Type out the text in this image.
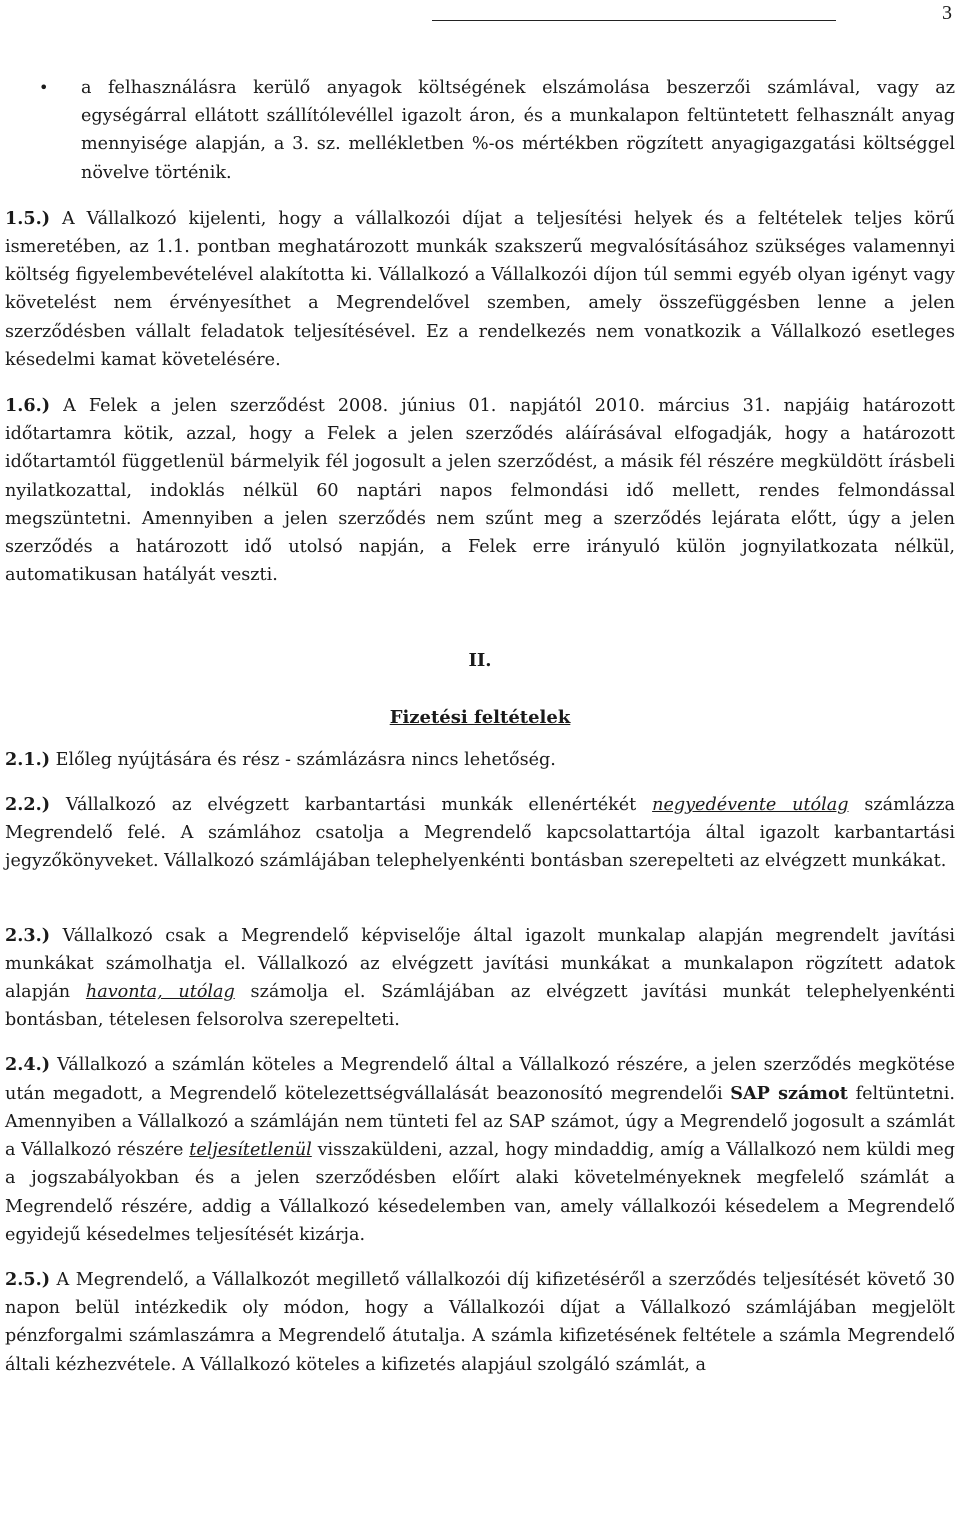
3
• a felhasználásra kerülő anyagok költségének elszámolása beszerzői számlával, vagy az egységárral ellátott szállítólevéllel igazolt áron, és a munkalapon feltüntetett felhasznált anyag mennyisége alapján, a 3. sz. mellékletben %-os mértékben rögzített anyagigazgatási költséggel növelve történik.

1.5.) A Vállalkozó kijelenti, hogy a vállalkozói díjat a teljesítési helyek és a feltételek teljes körű ismeretében, az 1.1. pontban meghatározott munkák szakszerű megvalósításához szükséges valamennyi költség figyelembevételével alakította ki. Vállalkozó a Vállalkozói díjon túl semmi egyéb olyan igényt vagy követelést nem érvényesíthet a Megrendelővel szemben, amely összefüggésben lenne a jelen szerződésben vállalt feladatok teljesítésével. Ez a rendelkezés nem vonatkozik a Vállalkozó esetleges késedelmi kamat követelésére.

1.6.) A Felek a jelen szerződést 2008. június 01. napjától 2010. március 31. napjáig határozott időtartamra kötik, azzal, hogy a Felek a jelen szerződés aláírásával elfogadják, hogy a határozott időtartamtól függetlenül bármelyik fél jogosult a jelen szerződést, a másik fél részére megküldött írásbeli nyilatkozattal, indoklás nélkül 60 naptári napos felmondási idő mellett, rendes felmondással megszüntetni. Amennyiben a jelen szerződés nem szűnt meg a szerződés lejárata előtt, úgy a jelen szerződés a határozott idő utolsó napján, a Felek erre irányuló külön jognyilatkozata nélkül, automatikusan hatályát veszti.

II.
Fizetési feltételek

2.1.) Előleg nyújtására és rész - számlázásra nincs lehetőség.

2.2.) Vállalkozó az elvégzett karbantartási munkák ellenértékét negyedévente utólag számlázza Megrendelő felé. A számlához csatolja a Megrendelő kapcsolattartója által igazolt karbantartási jegyzőkönyveket. Vállalkozó számlájában telephelyenkénti bontásban szerepelteti az elvégzett munkákat.

2.3.) Vállalkozó csak a Megrendelő képviselője által igazolt munkalap alapján megrendelt javítási munkákat számolhatja el. Vállalkozó az elvégzett javítási munkákat a munkalapon rögzített adatok alapján havonta, utólag számolja el. Számlájában az elvégzett javítási munkát telephelyenkénti bontásban, tételesen felsorolva szerepelteti.

2.4.) Vállalkozó a számlán köteles a Megrendelő által a Vállalkozó részére, a jelen szerződés megkötése után megadott, a Megrendelő kötelezettségvállalását beazonosító megrendelői SAP számot feltüntetni. Amennyiben a Vállalkozó a számláján nem tünteti fel az SAP számot, úgy a Megrendelő jogosult a számlát a Vállalkozó részére teljesítetlenül visszaküldeni, azzal, hogy mindaddig, amíg a Vállalkozó nem küldi meg a jogszabályokban és a jelen szerződésben előírt alaki követelményeknek megfelelő számlát a Megrendelő részére, addig a Vállalkozó késedelemben van, amely vállalkozói késedelem a Megrendelő egyidejű késedelmes teljesítését kizárja.

2.5.) A Megrendelő, a Vállalkozót megillető vállalkozói díj kifizetéséről a szerződés teljesítését követő 30 napon belül intézkedik oly módon, hogy a Vállalkozói díjat a Vállalkozó számlájában megjelölt pénzforgalmi számlaszámra a Megrendelő átutalja. A számla kifizetésének feltétele a számla Megrendelő általi kézhezvétele. A Vállalkozó köteles a kifizetés alapjául szolgáló számlát, a
